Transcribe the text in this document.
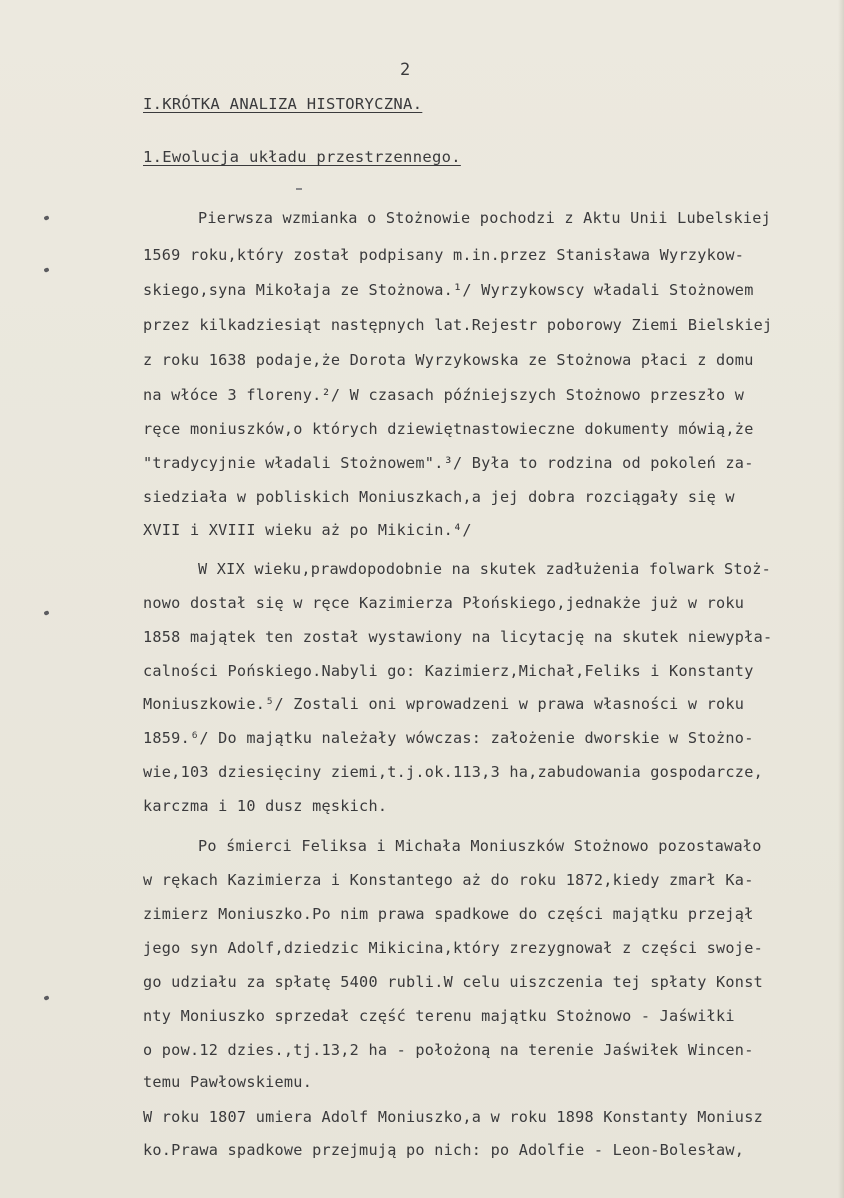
2
I.KRÓTKA ANALIZA HISTORYCZNA.
1.Ewolucja układu przestrzennego.
Pierwsza wzmianka o Stożnowie pochodzi z Aktu Unii Lubelskiej
1569 roku,który został podpisany m.in.przez Stanisława Wyrzykow-
skiego,syna Mikołaja ze Stożnowa.¹/ Wyrzykowscy władali Stożnowem
przez kilkadziesiąt następnych lat.Rejestr poborowy Ziemi Bielskiej
z roku 1638 podaje,że Dorota Wyrzykowska ze Stożnowa płaci z domu
na włóce 3 floreny.²/ W czasach późniejszych Stożnowo przeszło w
ręce moniuszków,o których dziewiętnastowieczne dokumenty mówią,że
"tradycyjnie władali Stożnowem".³/ Była to rodzina od pokoleń za-
siedziała w pobliskich Moniuszkach,a jej dobra rozciągały się w
XVII i XVIII wieku aż po Mikicin.⁴/
W XIX wieku,prawdopodobnie na skutek zadłużenia folwark Stoż-
nowo dostał się w ręce Kazimierza Płońskiego,jednakże już w roku
1858 majątek ten został wystawiony na licytację na skutek niewypła-
calności Pońskiego.Nabyli go: Kazimierz,Michał,Feliks i Konstanty
Moniuszkowie.⁵/ Zostali oni wprowadzeni w prawa własności w roku
1859.⁶/ Do majątku należały wówczas: założenie dworskie w Stożno-
wie,103 dziesięciny ziemi,t.j.ok.113,3 ha,zabudowania gospodarcze,
karczma i 10 dusz męskich.
Po śmierci Feliksa i Michała Moniuszków Stożnowo pozostawało
w rękach Kazimierza i Konstantego aż do roku 1872,kiedy zmarł Ka-
zimierz Moniuszko.Po nim prawa spadkowe do części majątku przejął
jego syn Adolf,dziedzic Mikicina,który zrezygnował z części swoje-
go udziału za spłatę 5400 rubli.W celu uiszczenia tej spłaty Konst
nty Moniuszko sprzedał część terenu majątku Stożnowo - Jaświłki
o pow.12 dzies.,tj.13,2 ha - położoną na terenie Jaświłek Wincen-
temu Pawłowskiemu.
W roku 1807 umiera Adolf Moniuszko,a w roku 1898 Konstanty Moniusz
ko.Prawa spadkowe przejmują po nich: po Adolfie - Leon-Bolesław,
